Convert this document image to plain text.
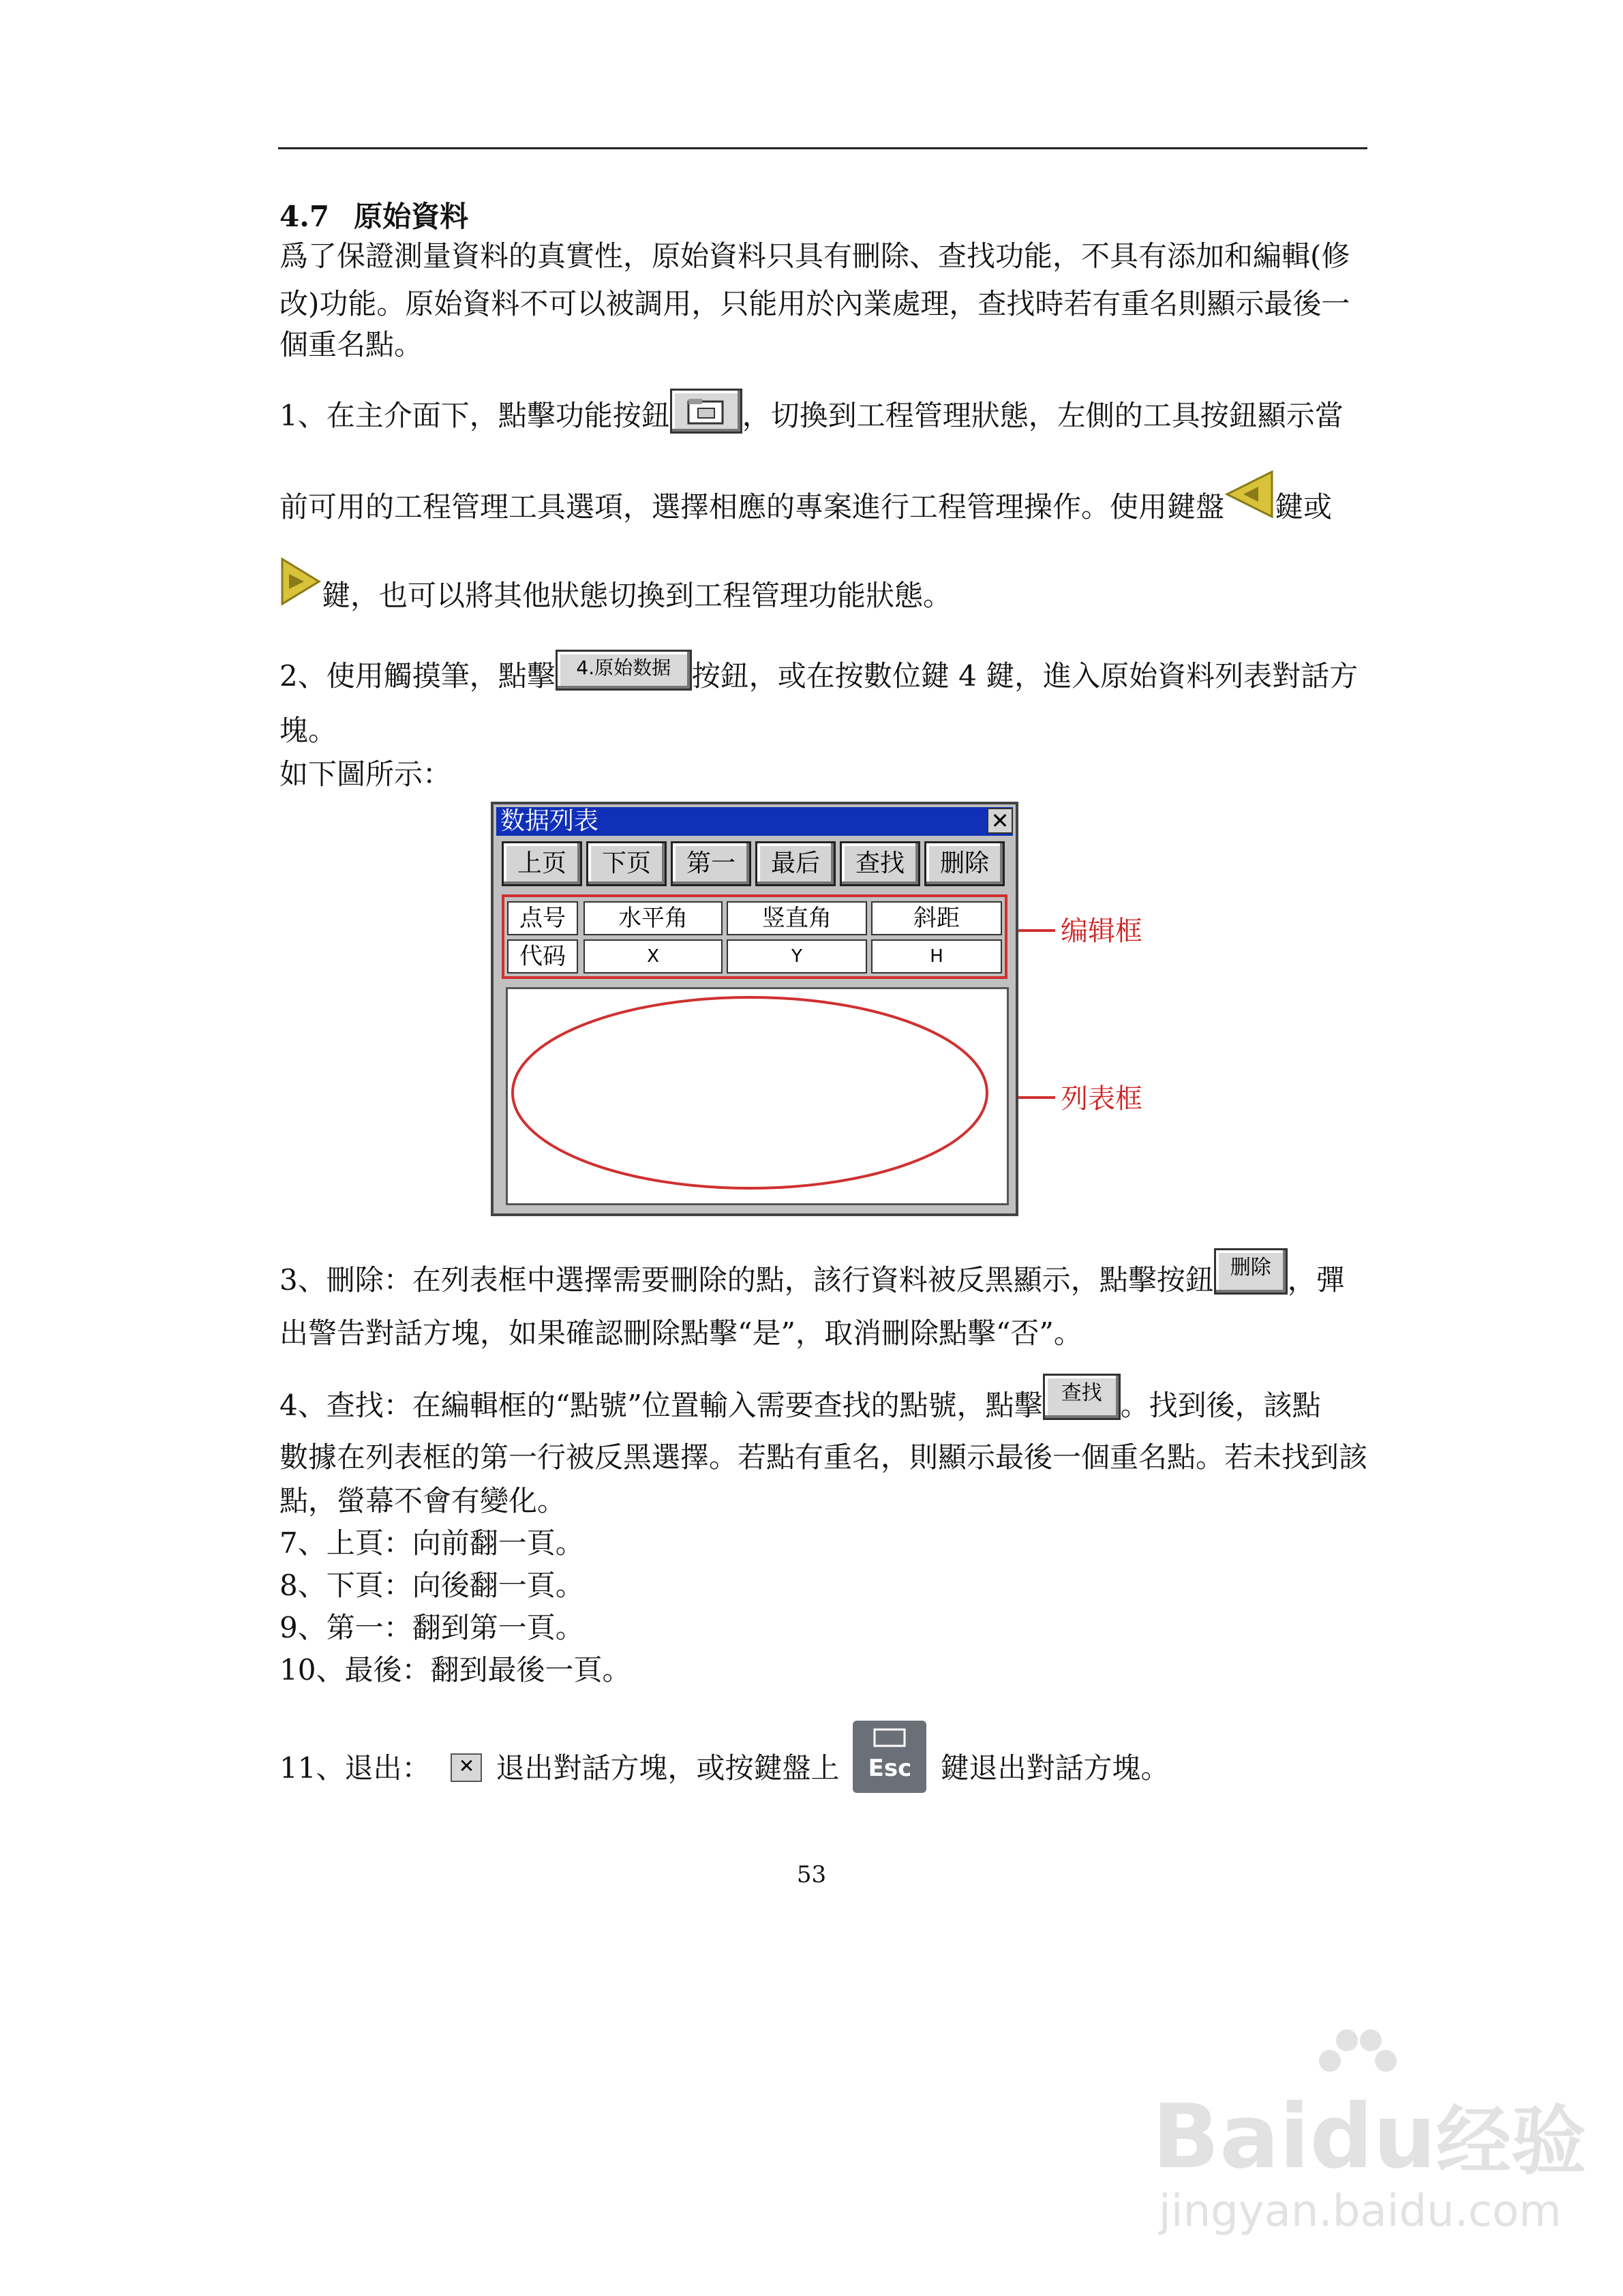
4.7 原始資料
爲了保證測量資料的真實性，原始資料只具有刪除、查找功能，不具有添加和編輯(修
改)功能。原始資料不可以被調用，只能用於內業處理，查找時若有重名則顯示最後一
個重名點。
1、在主介面下，點擊功能按鈕	，切換到工程管理狀態，左側的工具按鈕顯示當
前可用的工程管理工具選項，選擇相應的專案進行工程管理操作。使用鍵盤 鍵或
鍵，也可以將其他狀態切換到工程管理功能狀態。
2、使用觸摸筆，點擊 4.原始数据 按鈕，或在按數位鍵 4 鍵，進入原始資料列表對話方
塊。
如下圖所示：
数据列表	✕
上页	下页	第一	最后	查找	删除
点号	水平角	竖直角	斜距
代码	X	Y	H
编辑框
列表框
3、刪除：在列表框中選擇需要刪除的點，該行資料被反黑顯示，點擊按鈕 删除 ，彈
出警告對話方塊，如果確認刪除點擊“是”，取消刪除點擊“否”。
4、查找：在編輯框的“點號”位置輸入需要查找的點號，點擊 查找 。找到後，該點
數據在列表框的第一行被反黑選擇。若點有重名，則顯示最後一個重名點。若未找到該
點，螢幕不會有變化。
7、上頁：向前翻一頁。
8、下頁：向後翻一頁。
9、第一：翻到第一頁。
10、最後：翻到最後一頁。
11、退出： ✕ 退出對話方塊，或按鍵盤上	Esc	鍵退出對話方塊。
53
Bai
du经验
jingyan.baidu.com
